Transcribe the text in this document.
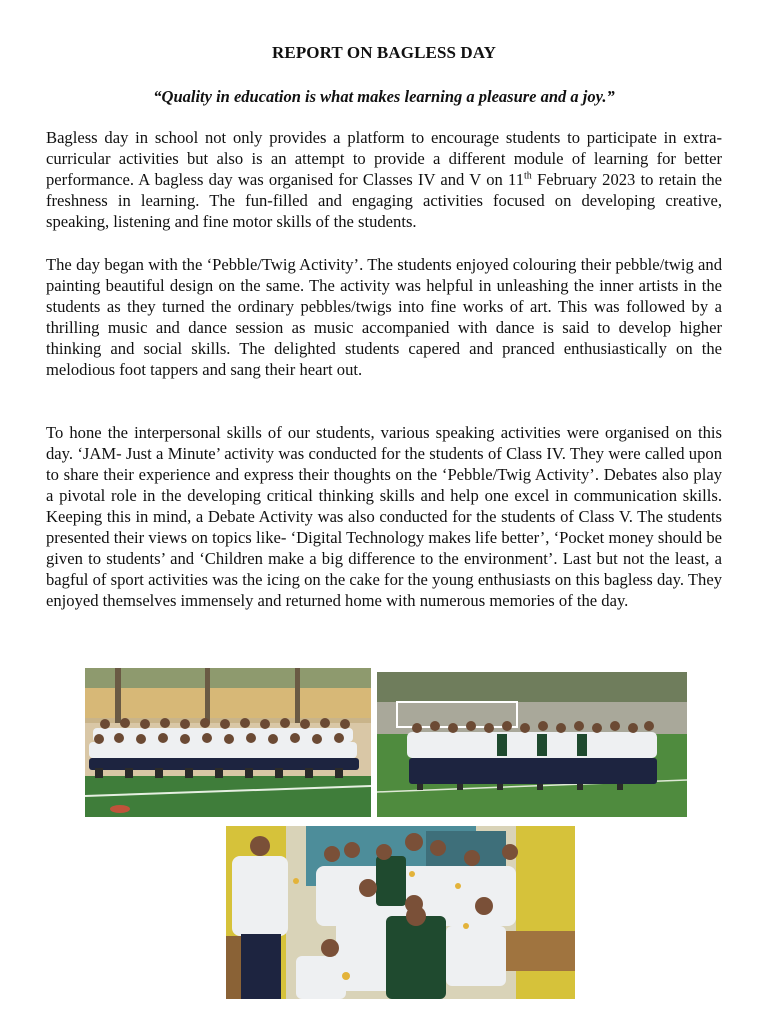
REPORT ON BAGLESS DAY
“Quality in education is what makes learning a pleasure and a joy.”

Bagless day in school not only provides a platform to encourage students to participate in extra-curricular activities but also is an attempt to provide a different module of learning for better performance. A bagless day was organised for Classes IV and V on 11th February 2023 to retain the freshness in learning. The fun-filled and engaging activities focused on developing creative, speaking, listening and fine motor skills of the students.

The day began with the ‘Pebble/Twig Activity’. The students enjoyed colouring their pebble/twig and painting beautiful design on the same. The activity was helpful in unleashing the inner artists in the students as they turned the ordinary pebbles/twigs into fine works of art. This was followed by a thrilling music and dance session as music accompanied with dance is said to develop higher thinking and social skills. The delighted students capered and pranced enthusiastically on the melodious foot tappers and sang their heart out.

To hone the interpersonal skills of our students, various speaking activities were organised on this day. ‘JAM- Just a Minute’ activity was conducted for the students of Class IV. They were called upon to share their experience and express their thoughts on the ‘Pebble/Twig Activity’. Debates also play a pivotal role in the developing critical thinking skills and help one excel in communication skills. Keeping this in mind, a Debate Activity was also conducted for the students of Class V. The students presented their views on topics like- ‘Digital Technology makes life better’, ‘Pocket money should be given to students’ and ‘Children make a big difference to the environment’. Last but not the least, a bagful of sport activities was the icing on the cake for the young enthusiasts on this bagless day. They enjoyed themselves immensely and returned home with numerous memories of the day.
